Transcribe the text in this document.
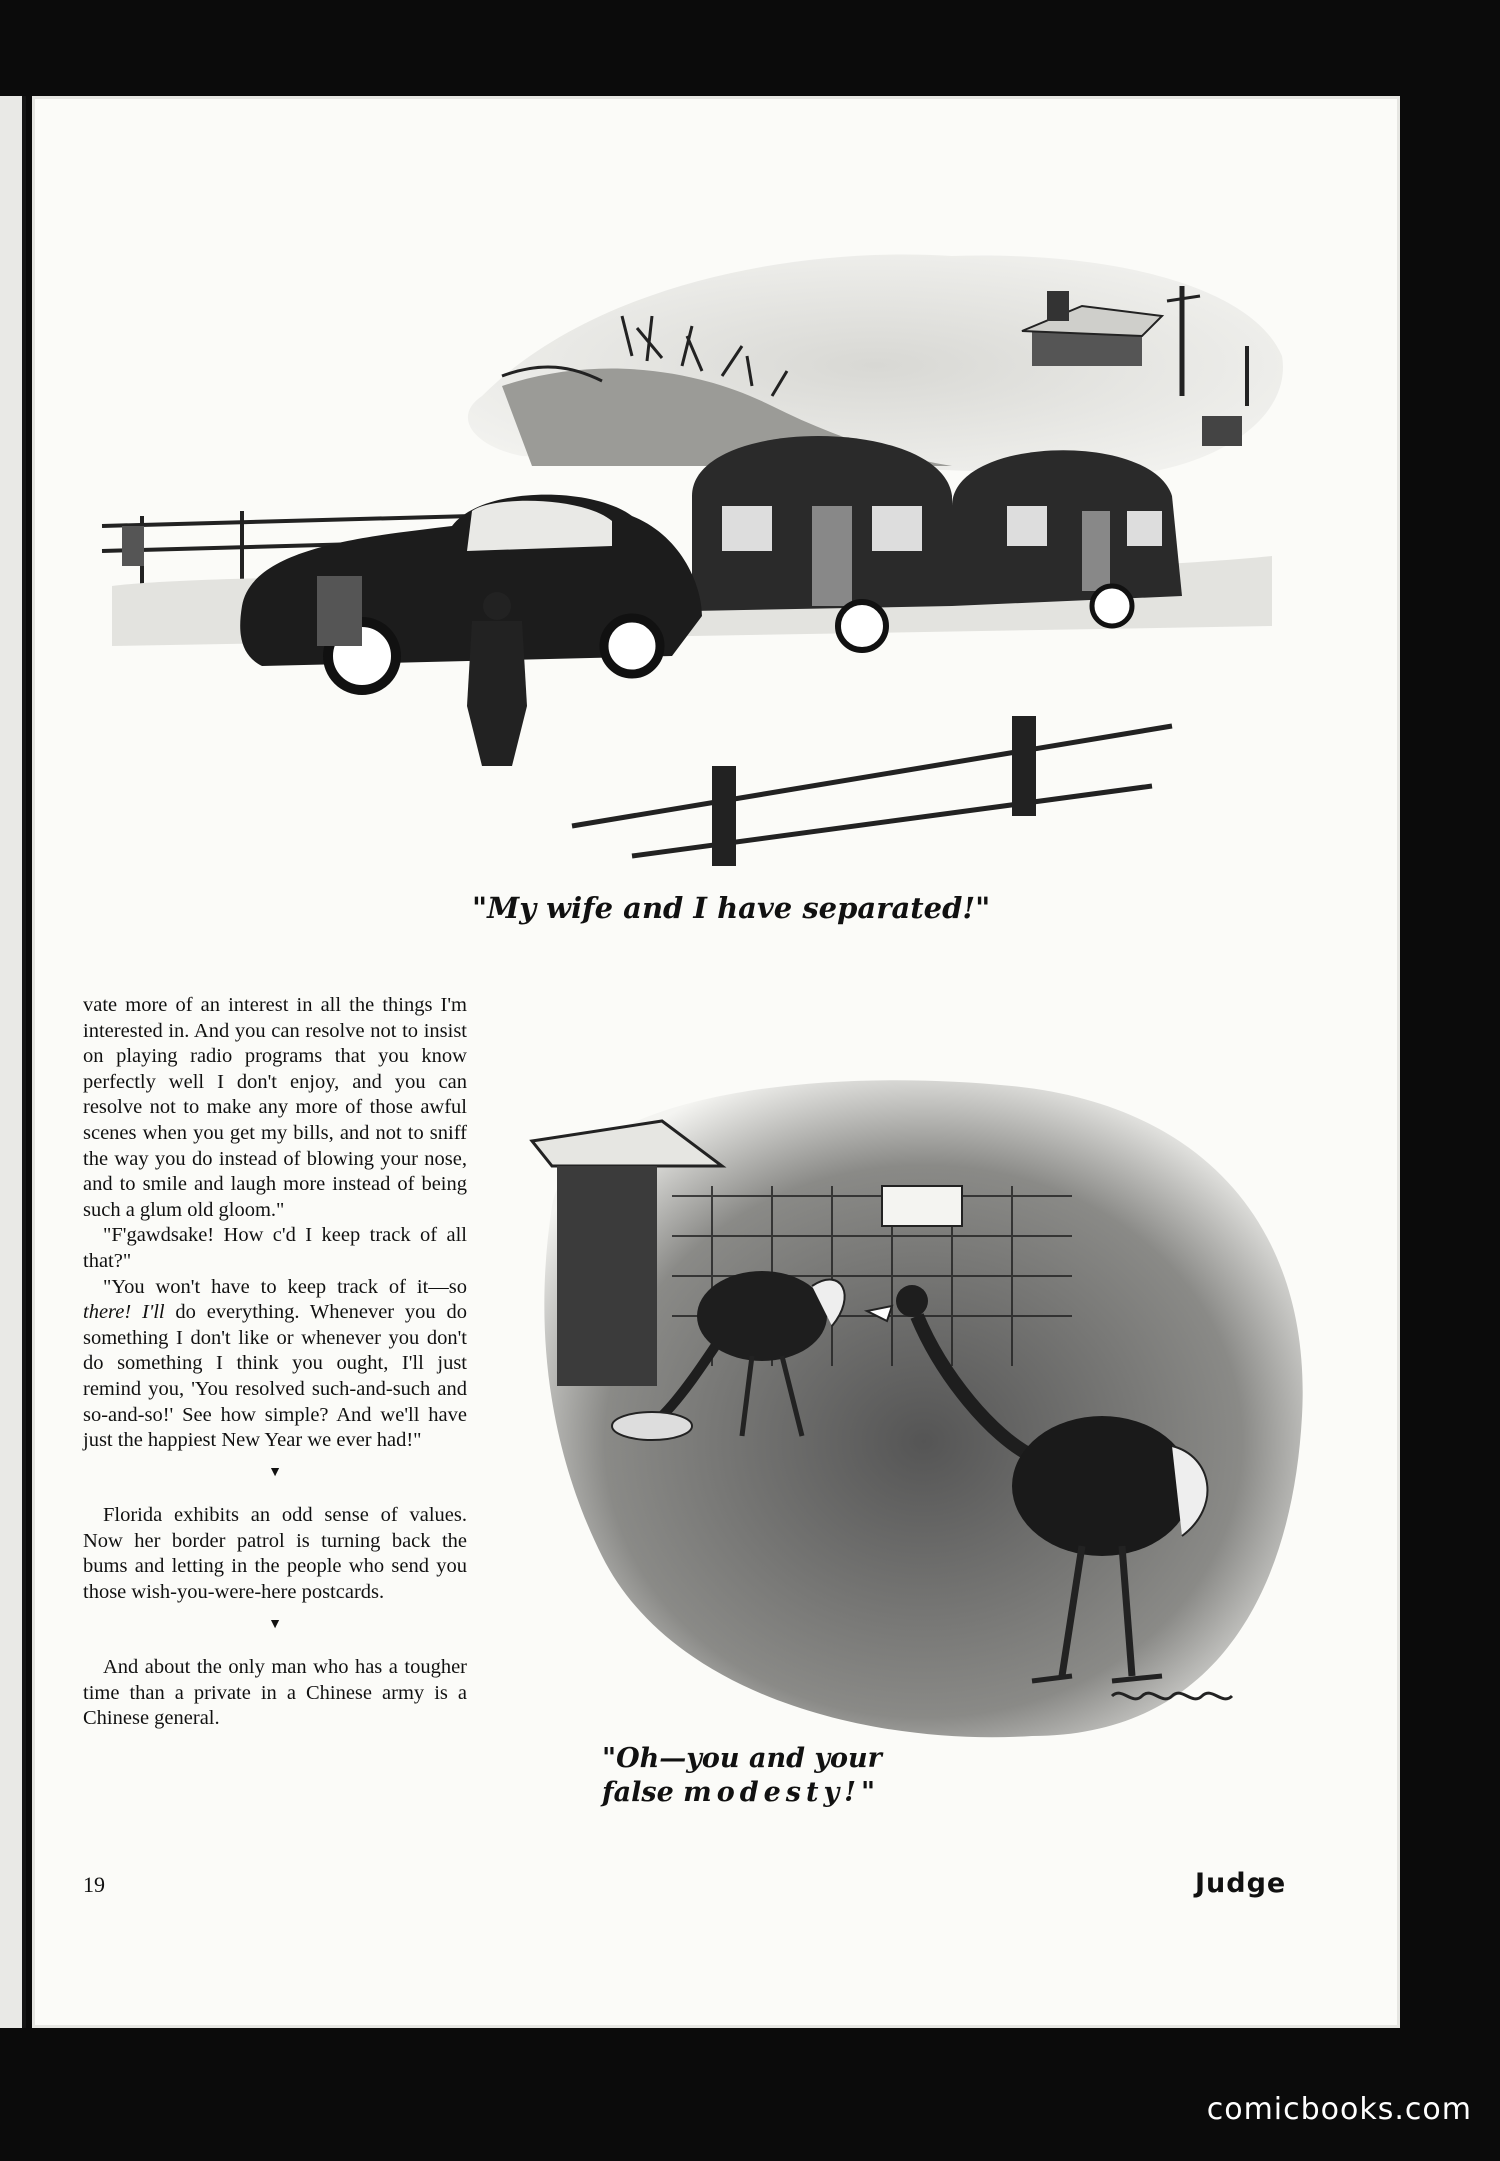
"My wife and I have separated!"

vate more of an interest in all the things I'm interested in. And you can resolve not to insist on playing radio programs that you know perfectly well I don't enjoy, and you can resolve not to make any more of those awful scenes when you get my bills, and not to sniff the way you do instead of blowing your nose, and to smile and laugh more instead of being such a glum old gloom."

"F'gawdsake! How c'd I keep track of all that?"

"You won't have to keep track of it—so there! I'll do everything. Whenever you do something I don't like or whenever you don't do something I think you ought, I'll just remind you, 'You resolved such-and-such and so-and-so!' See how simple? And we'll have just the happiest New Year we ever had!"

▼

Florida exhibits an odd sense of values. Now her border patrol is turning back the bums and letting in the people who send you those wish-you-were-here postcards.

▼

And about the only man who has a tougher time than a private in a Chinese army is a Chinese general.

"Oh—you and your
false modesty!"
19	Judge
comicbooks.com
